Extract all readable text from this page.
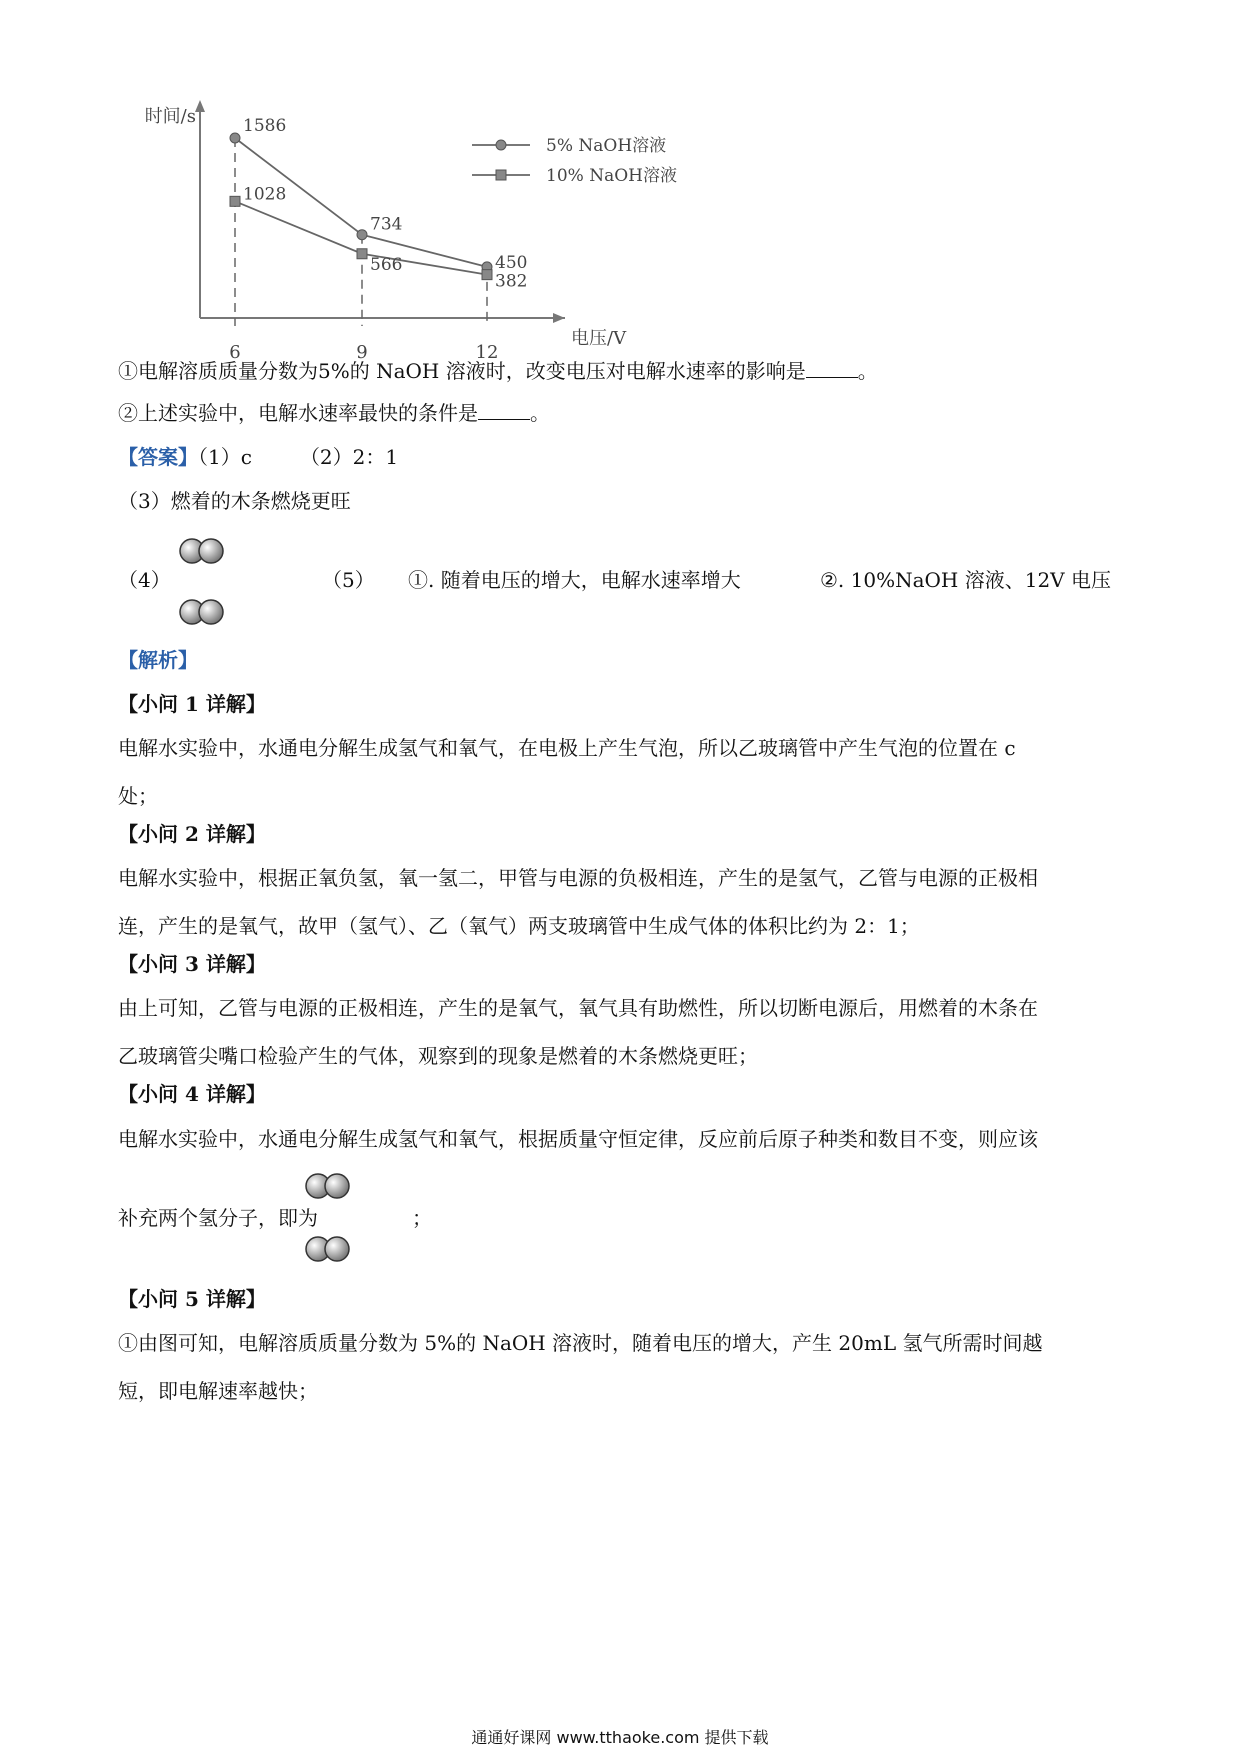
时间/s
电压/V
6	9	12
1586
734
450
1028
566
382
5% NaOH溶液
10% NaOH溶液
①电解溶质质量分数为5%的 NaOH 溶液时，改变电压对电解水速率的影响是	。
②上述实验中，电解水速率最快的条件是	。
【答案】（1）c （2）2：1
（3）燃着的木条燃烧更旺
（4）	（5） ①. 随着电压的增大，电解水速率增大	②. 10%NaOH 溶液、12V 电压
【解析】
【小问 1 详解】
电解水实验中，水通电分解生成氢气和氧气，在电极上产生气泡，所以乙玻璃管中产生气泡的位置在 c
处；
【小问 2 详解】
电解水实验中，根据正氧负氢，氧一氢二，甲管与电源的负极相连，产生的是氢气，乙管与电源的正极相
连，产生的是氧气，故甲（氢气）、乙（氧气）两支玻璃管中生成气体的体积比约为 2：1；
【小问 3 详解】
由上可知，乙管与电源的正极相连，产生的是氧气，氧气具有助燃性，所以切断电源后，用燃着的木条在
乙玻璃管尖嘴口检验产生的气体，观察到的现象是燃着的木条燃烧更旺；
【小问 4 详解】
电解水实验中，水通电分解生成氢气和氧气，根据质量守恒定律，反应前后原子种类和数目不变，则应该
补充两个氢分子，即为	；
【小问 5 详解】
①由图可知，电解溶质质量分数为 5%的 NaOH 溶液时，随着电压的增大，产生 20mL 氢气所需时间越
短，即电解速率越快；
通通好课网 www.tthaoke.com 提供下载
